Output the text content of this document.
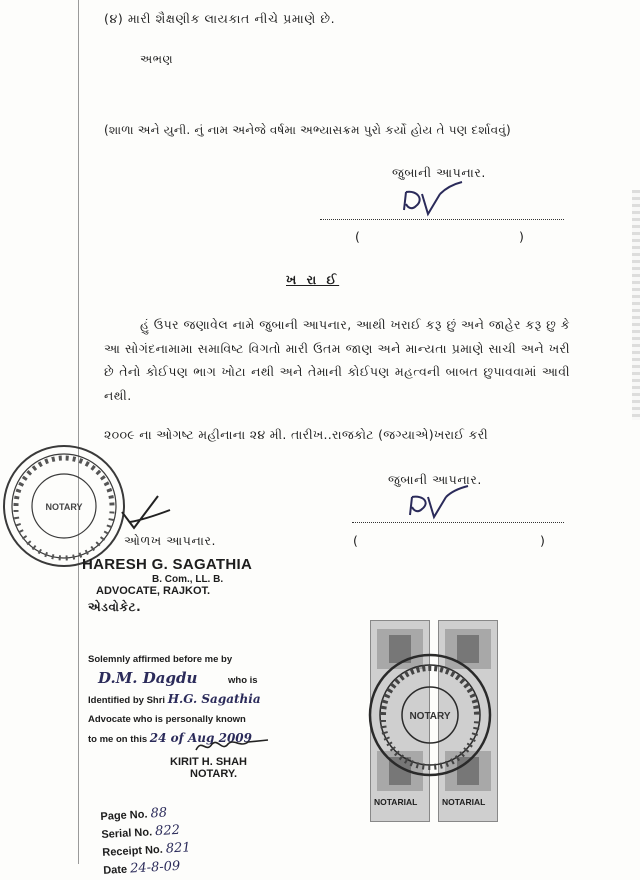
(૪) મારી શૈક્ષણીક લાયકાત નીચે પ્રમાણે છે.
અભણ
(શાળા અને યુની. નું નામ અનેજે વર્ષમા અભ્યાસક્રમ પુરો કર્યો હોય તે પણ દર્શાવવું)
જુબાની આપનાર.
(	)
ખ રા ઈ
હું ઉપર જણાવેલ નામે જુબાની આપનાર, આથી ખરાઈ કરૂ છું અને જાહેર કરૂ છુ કે આ સોગંદનામામા સમાવિષ્ટ વિગતો મારી ઉતમ જાણ અને માન્યતા પ્રમાણે સાચી અને ખરી છે તેનો કોઈપણ ભાગ ખોટા નથી અને તેમાની કોઈપણ મહત્વની બાબત છુપાવવામાં આવી નથી.
૨૦૦૯ ના ઓગષ્ટ મહીનાના ૨૪ મી. તારીખ..રાજકોટ (જગ્યાએ)ખરાઈ કરી
જુબાની આપનાર.
(	)
NOTARY
ઓળખ આપનાર.
HARESH G. SAGATHIA
B. Com., LL. B.
ADVOCATE, RAJKOT.
એડવોકેટ.
Solemnly affirmed before me by
D.M. Dagdu	who is
Identified by Shri H.G. Sagathia
Advocate who is personally known
to me on this 24 of Aug 2009
KIRIT H. SHAH
NOTARY.
Page No. 88
Serial No. 822
Receipt No. 821
Date 24-8-09
NOTARIAL	NOTARIAL
NOTARY
